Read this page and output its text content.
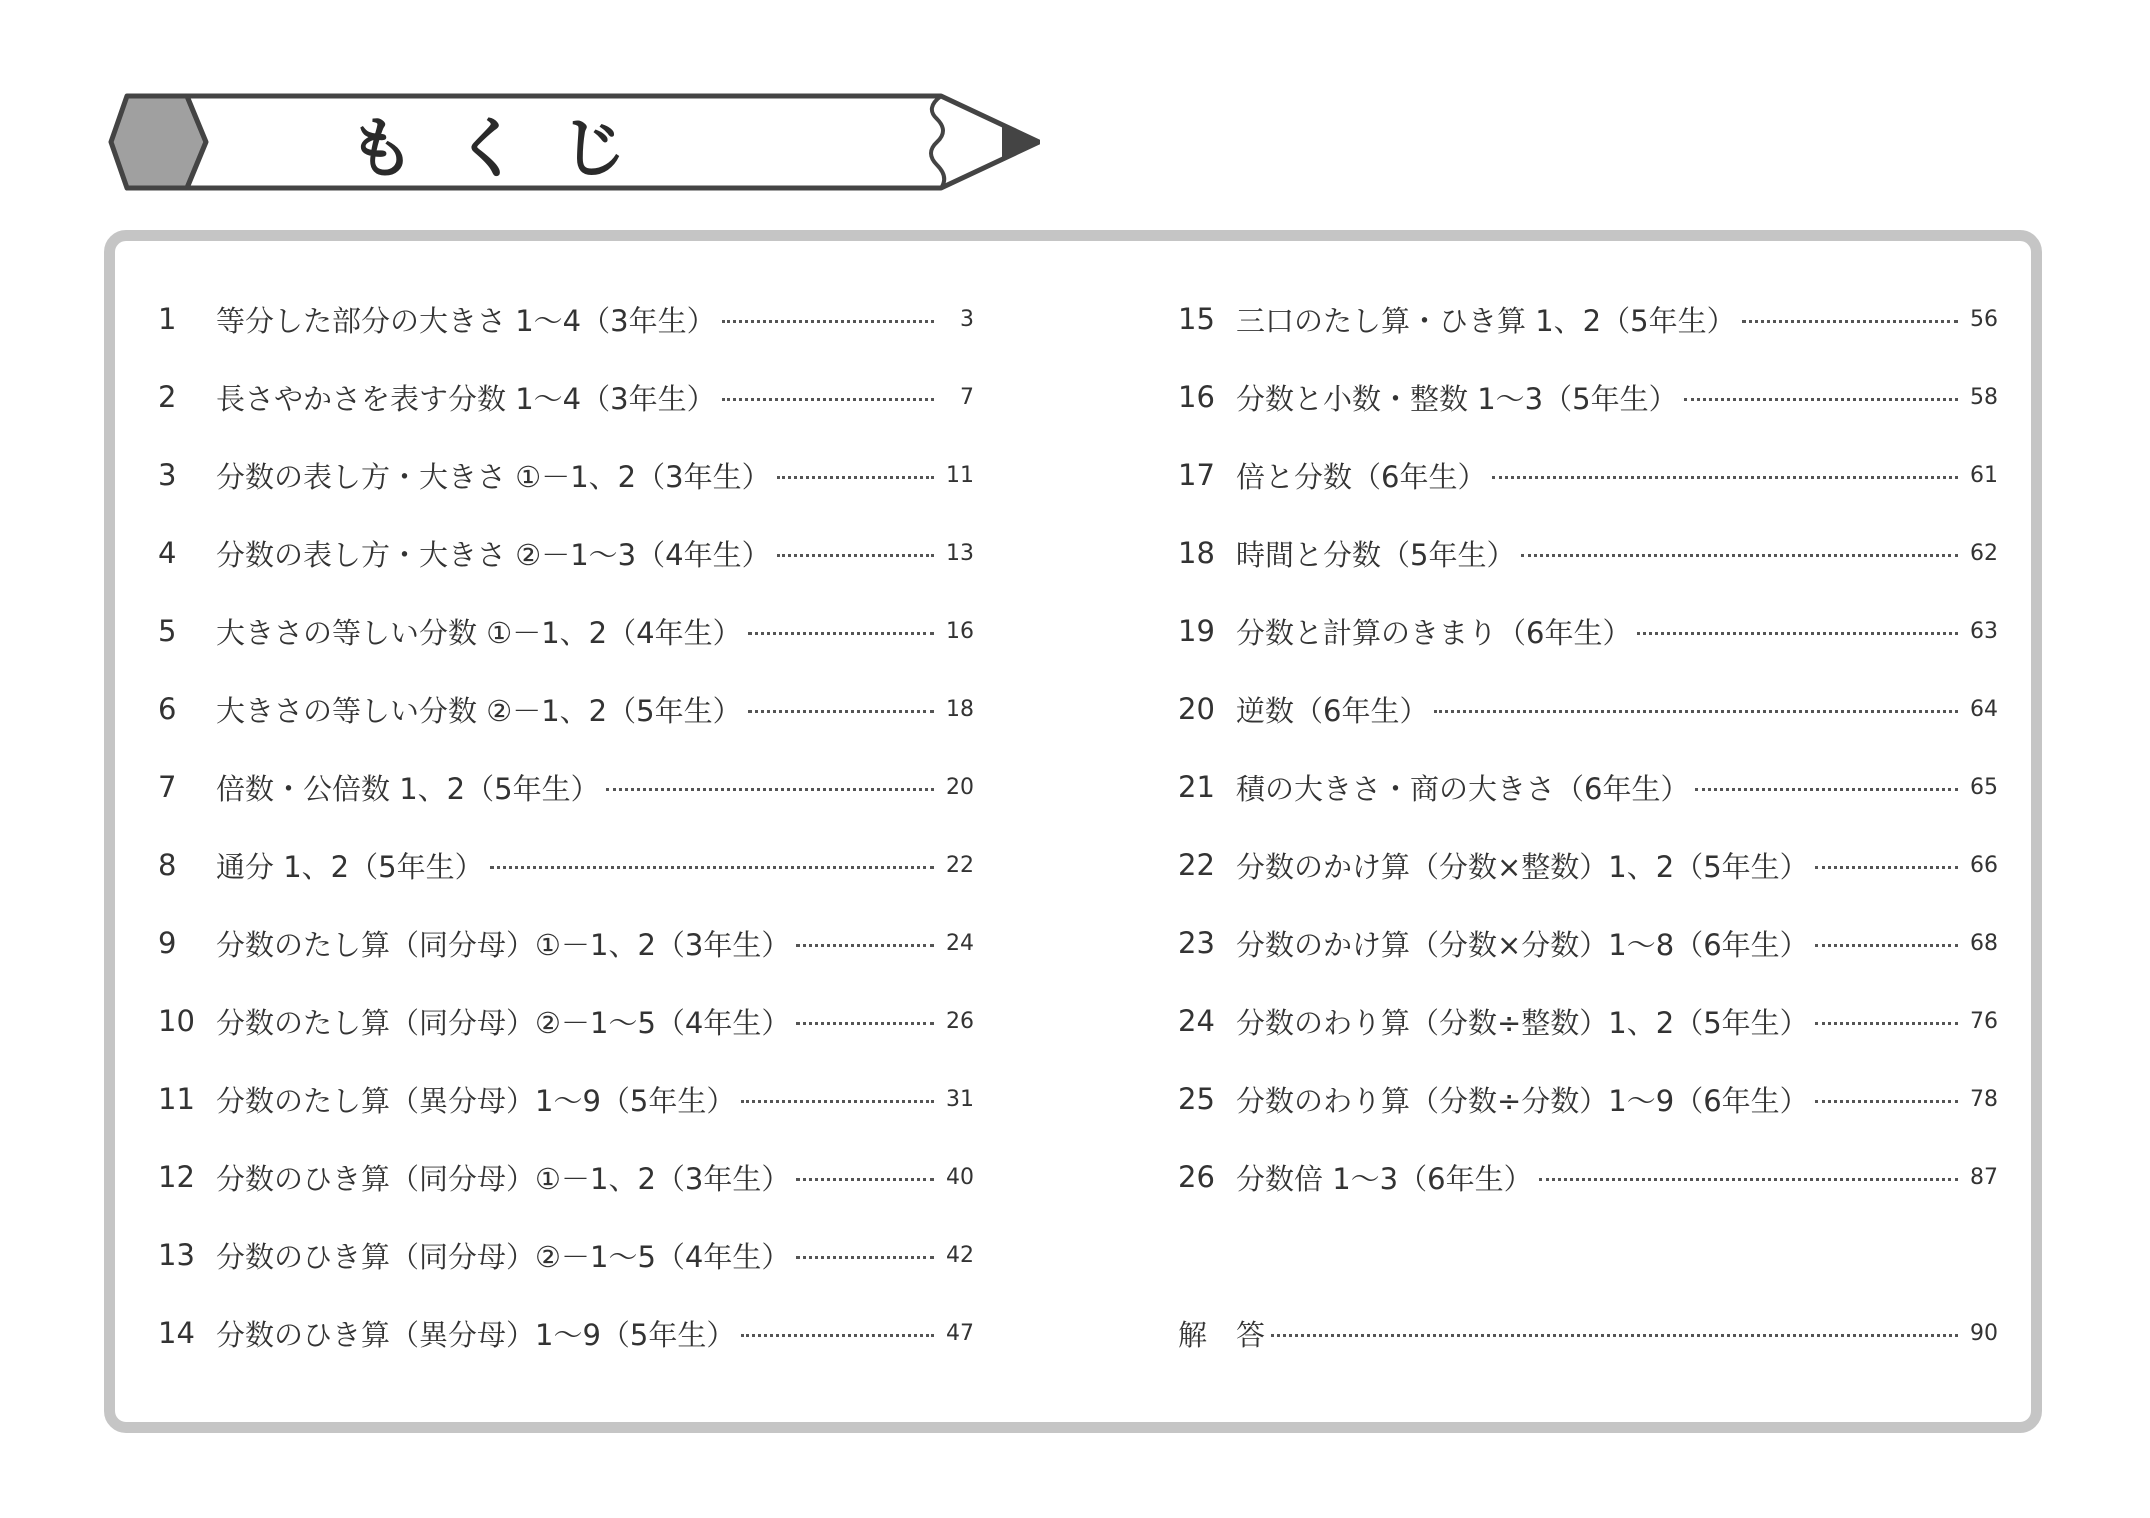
もくじ
1	等分した部分の大きさ 1～4（3年生）	3
2	長さやかさを表す分数 1～4（3年生）	7
3	分数の表し方・大きさ ①－1、2（3年生）	11
4	分数の表し方・大きさ ②－1～3（4年生）	13
5	大きさの等しい分数 ①－1、2（4年生）	16
6	大きさの等しい分数 ②－1、2（5年生）	18
7	倍数・公倍数 1、2（5年生）	20
8	通分 1、2（5年生）	22
9	分数のたし算（同分母）①－1、2（3年生）	24
10 分数のたし算（同分母）②－1～5（4年生）	26
11 分数のたし算（異分母）1～9（5年生）	31
12 分数のひき算（同分母）①－1、2（3年生）	40
13 分数のひき算（同分母）②－1～5（4年生）	42
14 分数のひき算（異分母）1～9（5年生）	47
15 三口のたし算・ひき算 1、2（5年生）	56
16 分数と小数・整数 1～3（5年生）	58
17 倍と分数（6年生）	61
18 時間と分数（5年生）	62
19 分数と計算のきまり（6年生）	63
20 逆数（6年生）	64
21 積の大きさ・商の大きさ（6年生）	65
22 分数のかけ算（分数×整数）1、2（5年生）	66
23 分数のかけ算（分数×分数）1～8（6年生）	68
24 分数のわり算（分数÷整数）1、2（5年生）	76
25 分数のわり算（分数÷分数）1～9（6年生）	78
26 分数倍 1～3（6年生）	87
解　答	90
